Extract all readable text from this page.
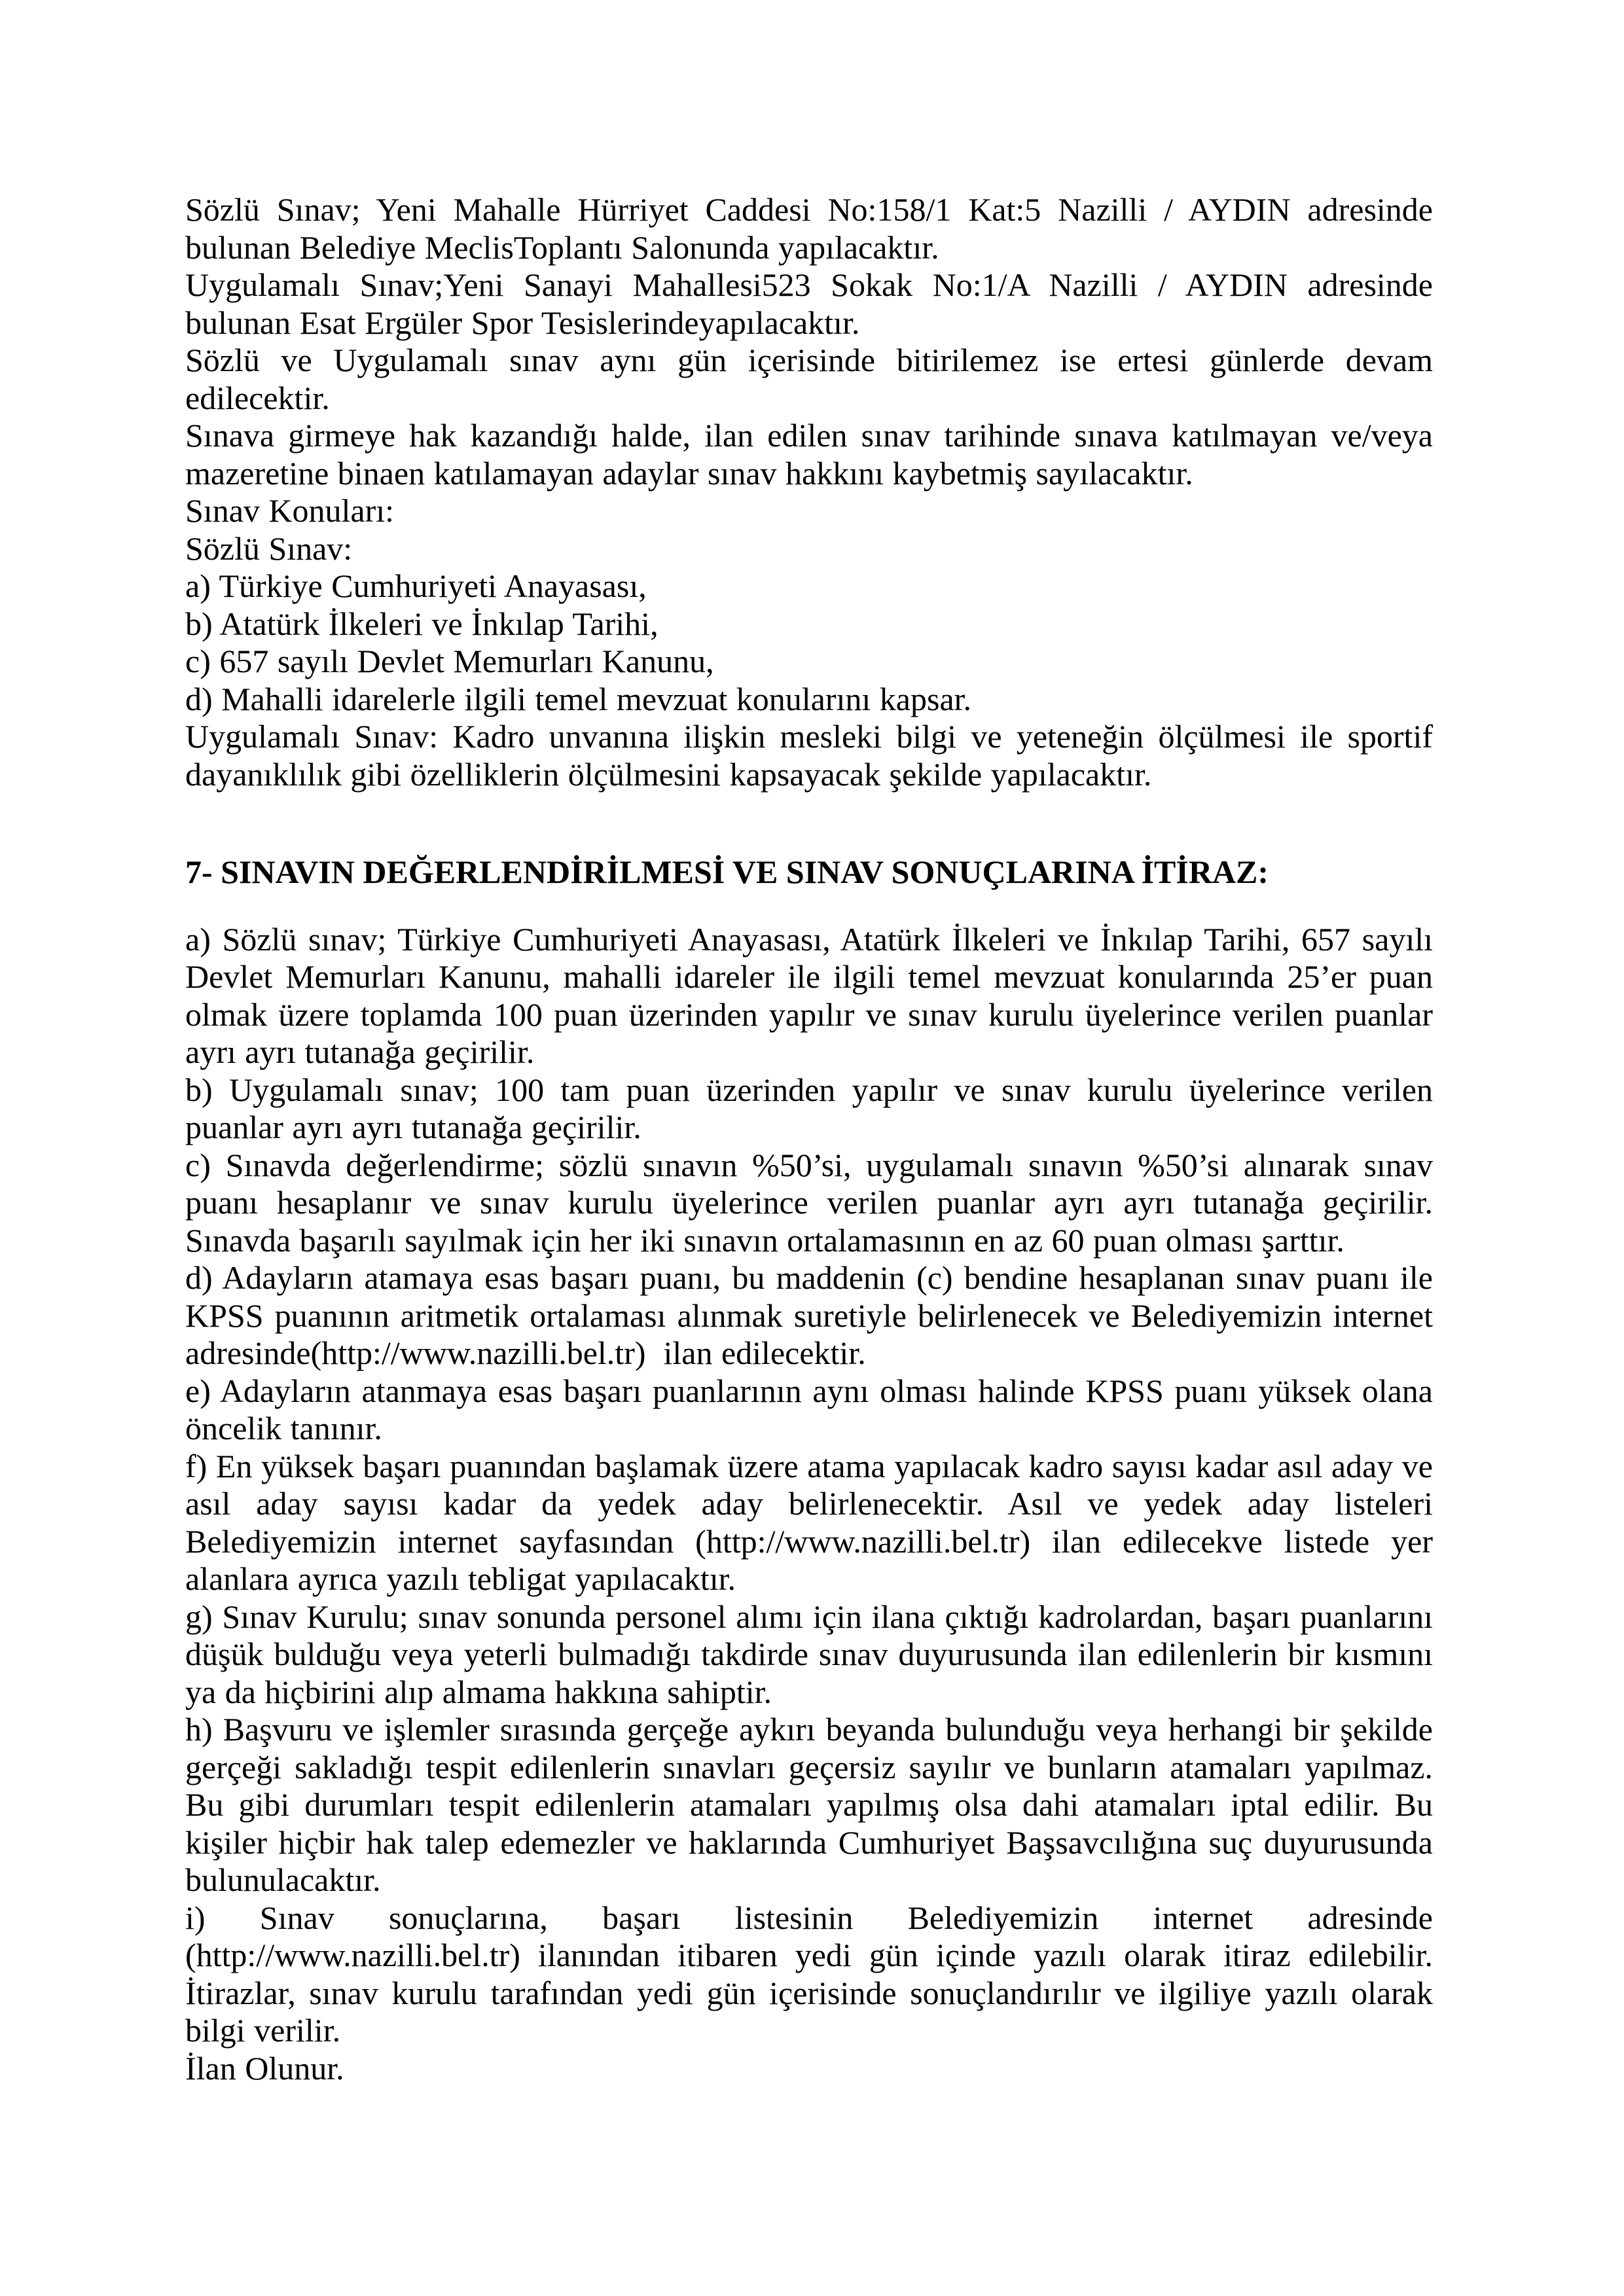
Sözlü Sınav; Yeni Mahalle Hürriyet Caddesi No:158/1 Kat:5 Nazilli / AYDIN adresinde bulunan Belediye MeclisToplantı Salonunda yapılacaktır.

Uygulamalı Sınav;Yeni Sanayi Mahallesi523 Sokak No:1/A Nazilli / AYDIN adresinde bulunan Esat Ergüler Spor Tesislerindeyapılacaktır.

Sözlü ve Uygulamalı sınav aynı gün içerisinde bitirilemez ise ertesi günlerde devam edilecektir.

Sınava girmeye hak kazandığı halde, ilan edilen sınav tarihinde sınava katılmayan ve/veya mazeretine binaen katılamayan adaylar sınav hakkını kaybetmiş sayılacaktır.

Sınav Konuları:

Sözlü Sınav:

a) Türkiye Cumhuriyeti Anayasası,

b) Atatürk İlkeleri ve İnkılap Tarihi,

c) 657 sayılı Devlet Memurları Kanunu,

d) Mahalli idarelerle ilgili temel mevzuat konularını kapsar.

Uygulamalı Sınav: Kadro unvanına ilişkin mesleki bilgi ve yeteneğin ölçülmesi ile sportif dayanıklılık gibi özelliklerin ölçülmesini kapsayacak şekilde yapılacaktır.

7- SINAVIN DEĞERLENDİRİLMESİ VE SINAV SONUÇLARINA İTİRAZ:

a) Sözlü sınav; Türkiye Cumhuriyeti Anayasası, Atatürk İlkeleri ve İnkılap Tarihi, 657 sayılı Devlet Memurları Kanunu, mahalli idareler ile ilgili temel mevzuat konularında 25’er puan olmak üzere toplamda 100 puan üzerinden yapılır ve sınav kurulu üyelerince verilen puanlar ayrı ayrı tutanağa geçirilir.

b) Uygulamalı sınav; 100 tam puan üzerinden yapılır ve sınav kurulu üyelerince verilen puanlar ayrı ayrı tutanağa geçirilir.

c) Sınavda değerlendirme; sözlü sınavın %50’si, uygulamalı sınavın %50’si alınarak sınav puanı hesaplanır ve sınav kurulu üyelerince verilen puanlar ayrı ayrı tutanağa geçirilir. Sınavda başarılı sayılmak için her iki sınavın ortalamasının en az 60 puan olması şarttır.

d) Adayların atamaya esas başarı puanı, bu maddenin (c) bendine hesaplanan sınav puanı ile KPSS puanının aritmetik ortalaması alınmak suretiyle belirlenecek ve Belediyemizin internet adresinde(http://www.nazilli.bel.tr)  ilan edilecektir.

e) Adayların atanmaya esas başarı puanlarının aynı olması halinde KPSS puanı yüksek olana öncelik tanınır.

f) En yüksek başarı puanından başlamak üzere atama yapılacak kadro sayısı kadar asıl aday ve asıl aday sayısı kadar da yedek aday belirlenecektir. Asıl ve yedek aday listeleri Belediyemizin internet sayfasından (http://www.nazilli.bel.tr) ilan edilecekve listede yer alanlara ayrıca yazılı tebligat yapılacaktır.

g) Sınav Kurulu; sınav sonunda personel alımı için ilana çıktığı kadrolardan, başarı puanlarını düşük bulduğu veya yeterli bulmadığı takdirde sınav duyurusunda ilan edilenlerin bir kısmını ya da hiçbirini alıp almama hakkına sahiptir.

h) Başvuru ve işlemler sırasında gerçeğe aykırı beyanda bulunduğu veya herhangi bir şekilde gerçeği sakladığı tespit edilenlerin sınavları geçersiz sayılır ve bunların atamaları yapılmaz. Bu gibi durumları tespit edilenlerin atamaları yapılmış olsa dahi atamaları iptal edilir. Bu kişiler hiçbir hak talep edemezler ve haklarında Cumhuriyet Başsavcılığına suç duyurusunda bulunulacaktır.

i) Sınav sonuçlarına, başarı listesinin Belediyemizin internet adresinde (http://www.nazilli.bel.tr) ilanından itibaren yedi gün içinde yazılı olarak itiraz edilebilir. İtirazlar, sınav kurulu tarafından yedi gün içerisinde sonuçlandırılır ve ilgiliye yazılı olarak bilgi verilir.

İlan Olunur.
